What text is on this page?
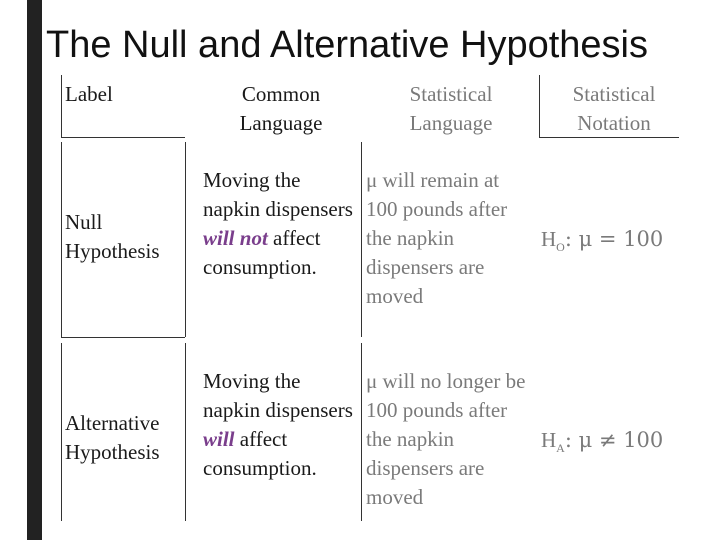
The Null and Alternative Hypothesis
Label	Common Language
Statistical Language
Statistical Notation
Null Hypothesis
Moving the napkin dispensers will not affect consumption.
μ will remain at 100 pounds after the napkin dispensers are moved
$H_O$: μ = 100
Alternative Hypothesis
Moving the napkin dispensers will affect consumption.
μ will no longer be 100 pounds after the napkin dispensers are moved
$H_A$: μ ≠ 100
